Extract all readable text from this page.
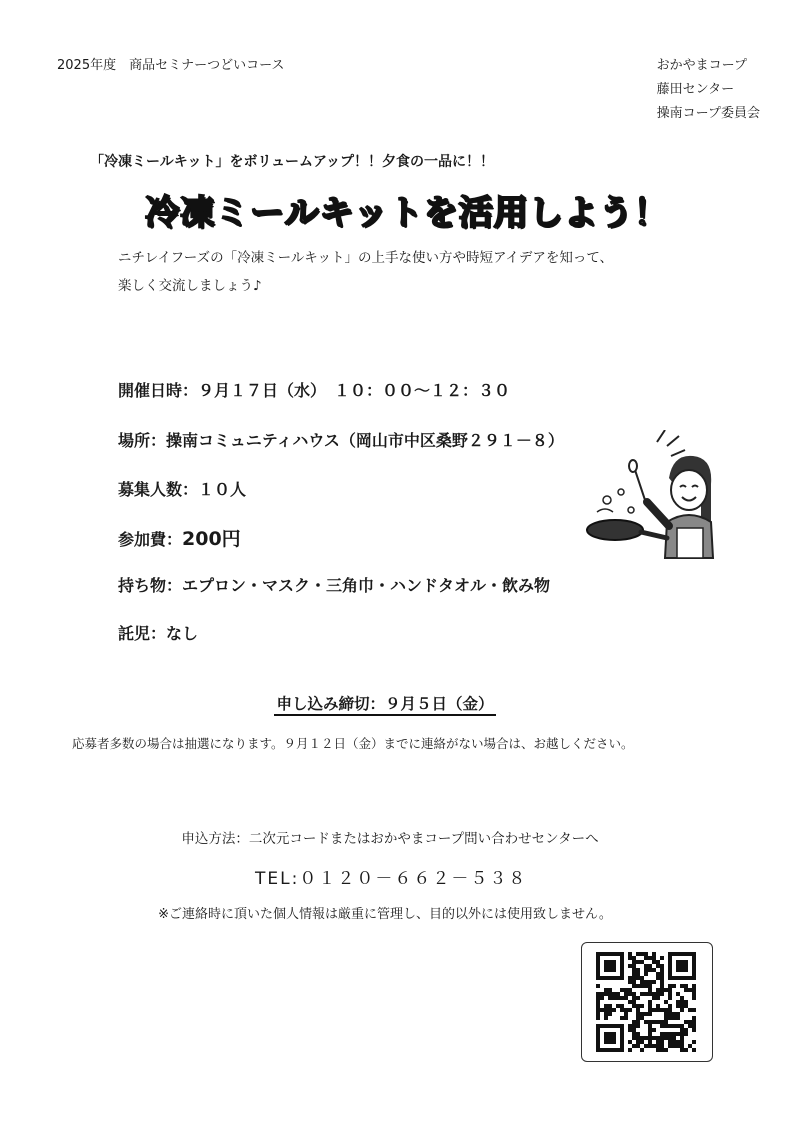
2025年度　商品セミナーつどいコース	おかやまコープ
藤田センター
操南コープ委員会
「冷凍ミールキット」をボリュームアップ！！夕食の一品に！！
冷凍ミールキットを活用しよう！
ニチレイフーズの「冷凍ミールキット」の上手な使い方や時短アイデアを知って、
楽しく交流しましょう♪
開催日時：９月１７日（水）　１０：００～１２：３０
場所：操南コミュニティハウス（岡山市中区桑野２９１－８）
募集人数：１０人
参加費：200円
持ち物：エプロン・マスク・三角巾・ハンドタオル・飲み物
託児：なし
申し込み締切：９月５日（金）
応募者多数の場合は抽選になります。９月１２日（金）までに連絡がない場合は、お越しください。
申込方法：二次元コードまたはおかやまコープ問い合わせセンターへ
TEL:０１２０－６６２－５３８
※ご連絡時に頂いた個人情報は厳重に管理し、目的以外には使用致しません。
